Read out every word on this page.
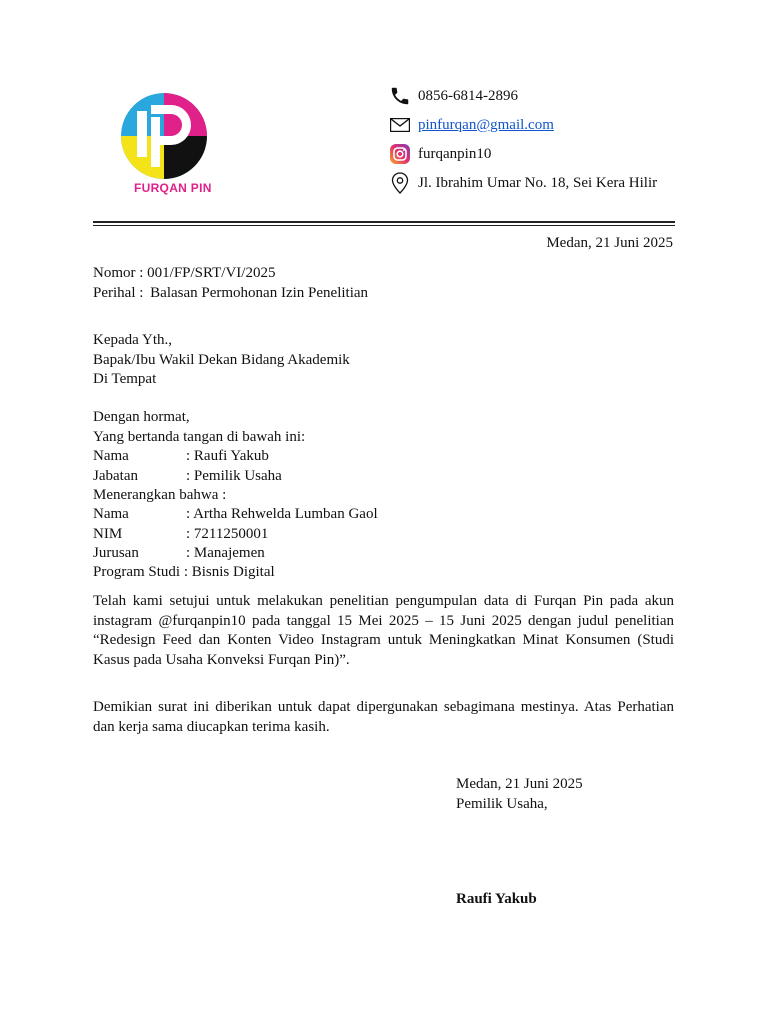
FURQAN PIN
0856-6814-2896
pinfurqan@gmail.com
furqanpin10
Jl. Ibrahim Umar No. 18, Sei Kera Hilir
Medan, 21 Juni 2025
Nomor : 001/FP/SRT/VI/2025
Perihal : Balasan Permohonan Izin Penelitian
Kepada Yth.,
Bapak/Ibu Wakil Dekan Bidang Akademik
Di Tempat
Dengan hormat,
Yang bertanda tangan di bawah ini:
Nama	: Raufi Yakub
Jabatan	: Pemilik Usaha
Menerangkan bahwa :
Nama	: Artha Rehwelda Lumban Gaol
NIM	: 7211250001
Jurusan	: Manajemen
Program Studi : Bisnis Digital
Telah kami setujui untuk melakukan penelitian pengumpulan data di Furqan Pin pada akun instagram @furqanpin10 pada tanggal 15 Mei 2025 – 15 Juni 2025 dengan judul penelitian “Redesign Feed dan Konten Video Instagram untuk Meningkatkan Minat Konsumen (Studi Kasus pada Usaha Konveksi Furqan Pin)”.
Demikian surat ini diberikan untuk dapat dipergunakan sebagimana mestinya. Atas Perhatian dan kerja sama diucapkan terima kasih.
Medan, 21 Juni 2025
Pemilik Usaha,
Raufi Yakub
